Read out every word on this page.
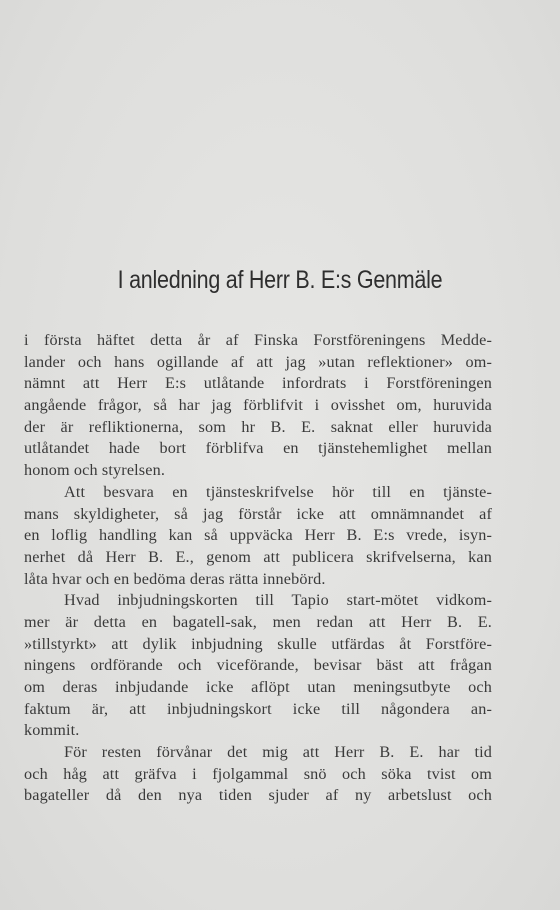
I anledning af Herr B. E:s Genmäle
i första häftet detta år af Finska Forstföreningens Medde-
lander och hans ogillande af att jag »utan reflektioner» om-
nämnt att Herr E:s utlåtande infordrats i Forstföreningen
angående frågor, så har jag förblifvit i ovisshet om, huruvida
der är refliktionerna, som hr B. E. saknat eller huruvida
utlåtandet hade bort förblifva en tjänstehemlighet mellan
honom och styrelsen.
Att besvara en tjänsteskrifvelse hör till en tjänste-
mans skyldigheter, så jag förstår icke att omnämnandet af
en loflig handling kan så uppväcka Herr B. E:s vrede, isyn-
nerhet då Herr B. E., genom att publicera skrifvelserna, kan
låta hvar och en bedöma deras rätta innebörd.
Hvad inbjudningskorten till Tapio start-mötet vidkom-
mer är detta en bagatell-sak, men redan att Herr B. E.
»tillstyrkt» att dylik inbjudning skulle utfärdas åt Forstföre-
ningens ordförande och viceförande, bevisar bäst att frågan
om deras inbjudande icke aflöpt utan meningsutbyte och
faktum är, att inbjudningskort icke till någondera an-
kommit.
För resten förvånar det mig att Herr B. E. har tid
och håg att gräfva i fjolgammal snö och söka tvist om
bagateller då den nya tiden sjuder af ny arbetslust och
